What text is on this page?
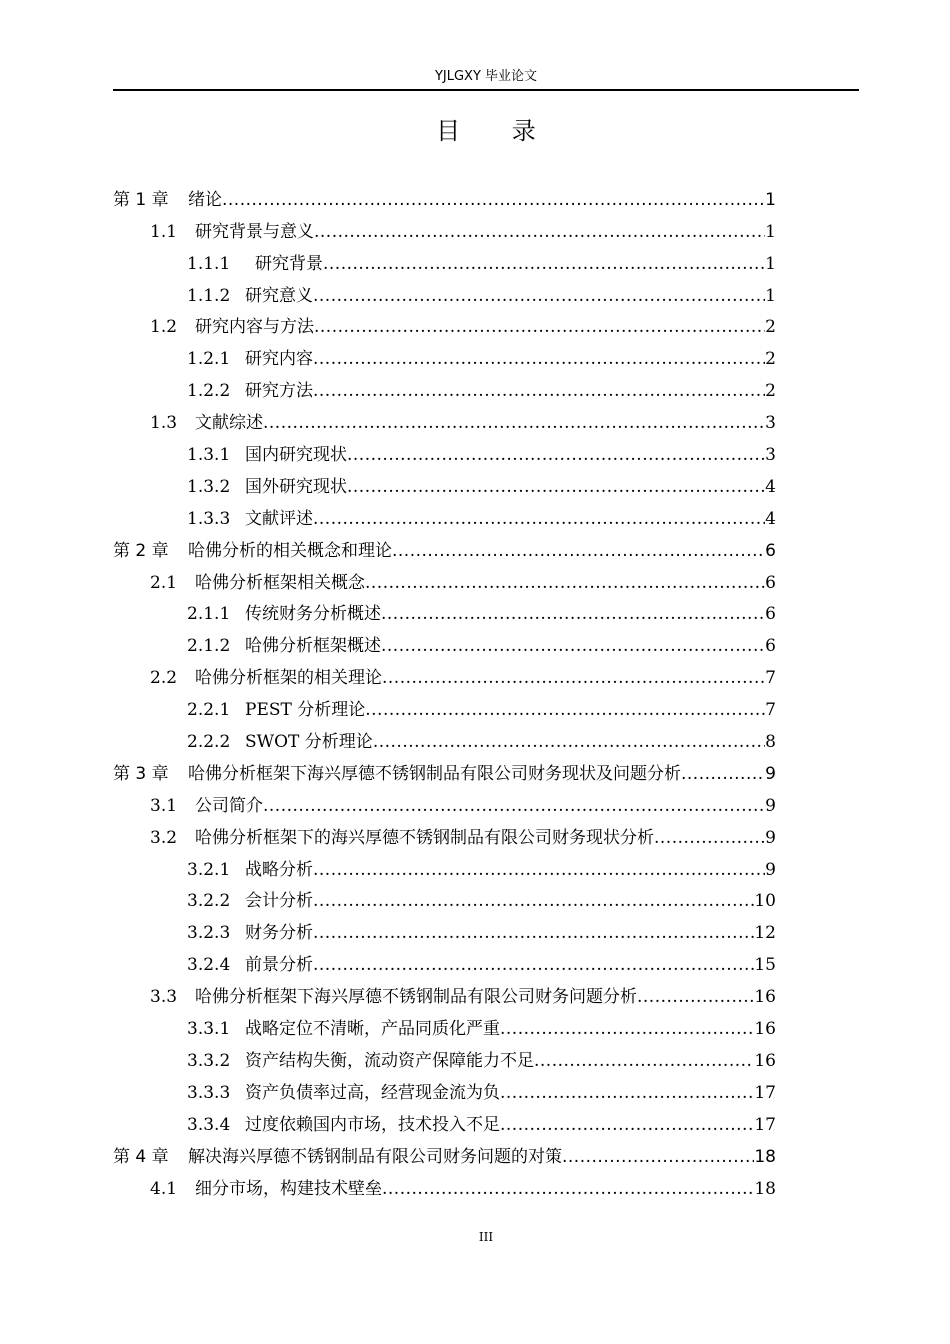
YJLGXY 毕业论文
目 录
第 1 章	绪论 .....	1
1.1	研究背景与意义 .....	1
1.1.1	研究背景 .....	1
1.1.2 研究意义 .....	1
1.2	研究内容与方法 .....	2
1.2.1 研究内容 .....	2
1.2.2 研究方法 .....	2
1.3	文献综述 .....	3
1.3.1 国内研究现状 .....	3
1.3.2 国外研究现状 .....	4
1.3.3 文献评述 .....	4
第 2 章	哈佛分析的相关概念和理论 .....	6
2.1	哈佛分析框架相关概念 .....	6
2.1.1 传统财务分析概述 .....	6
2.1.2 哈佛分析框架概述 .....	6
2.2	哈佛分析框架的相关理论 .....	7
2.2.1 PEST 分析理论 .....	7
2.2.2 SWOT 分析理论 .....	8
第 3 章	哈佛分析框架下海兴厚德不锈钢制品有限公司财务现状及问题分析 .....	9
3.1	公司简介 .....	9
3.2	哈佛分析框架下的海兴厚德不锈钢制品有限公司财务现状分析 .....	9
3.2.1 战略分析 .....	9
3.2.2 会计分析 .....	10
3.2.3 财务分析 .....	12
3.2.4 前景分析 .....	15
3.3	哈佛分析框架下海兴厚德不锈钢制品有限公司财务问题分析 .....	16
3.3.1 战略定位不清晰，产品同质化严重 .....	16
3.3.2 资产结构失衡，流动资产保障能力不足 .....	16
3.3.3 资产负债率过高，经营现金流为负 .....	17
3.3.4 过度依赖国内市场，技术投入不足 .....	17
第 4 章	解决海兴厚德不锈钢制品有限公司财务问题的对策 .....	18
4.1	细分市场，构建技术壁垒 .....	18
III
